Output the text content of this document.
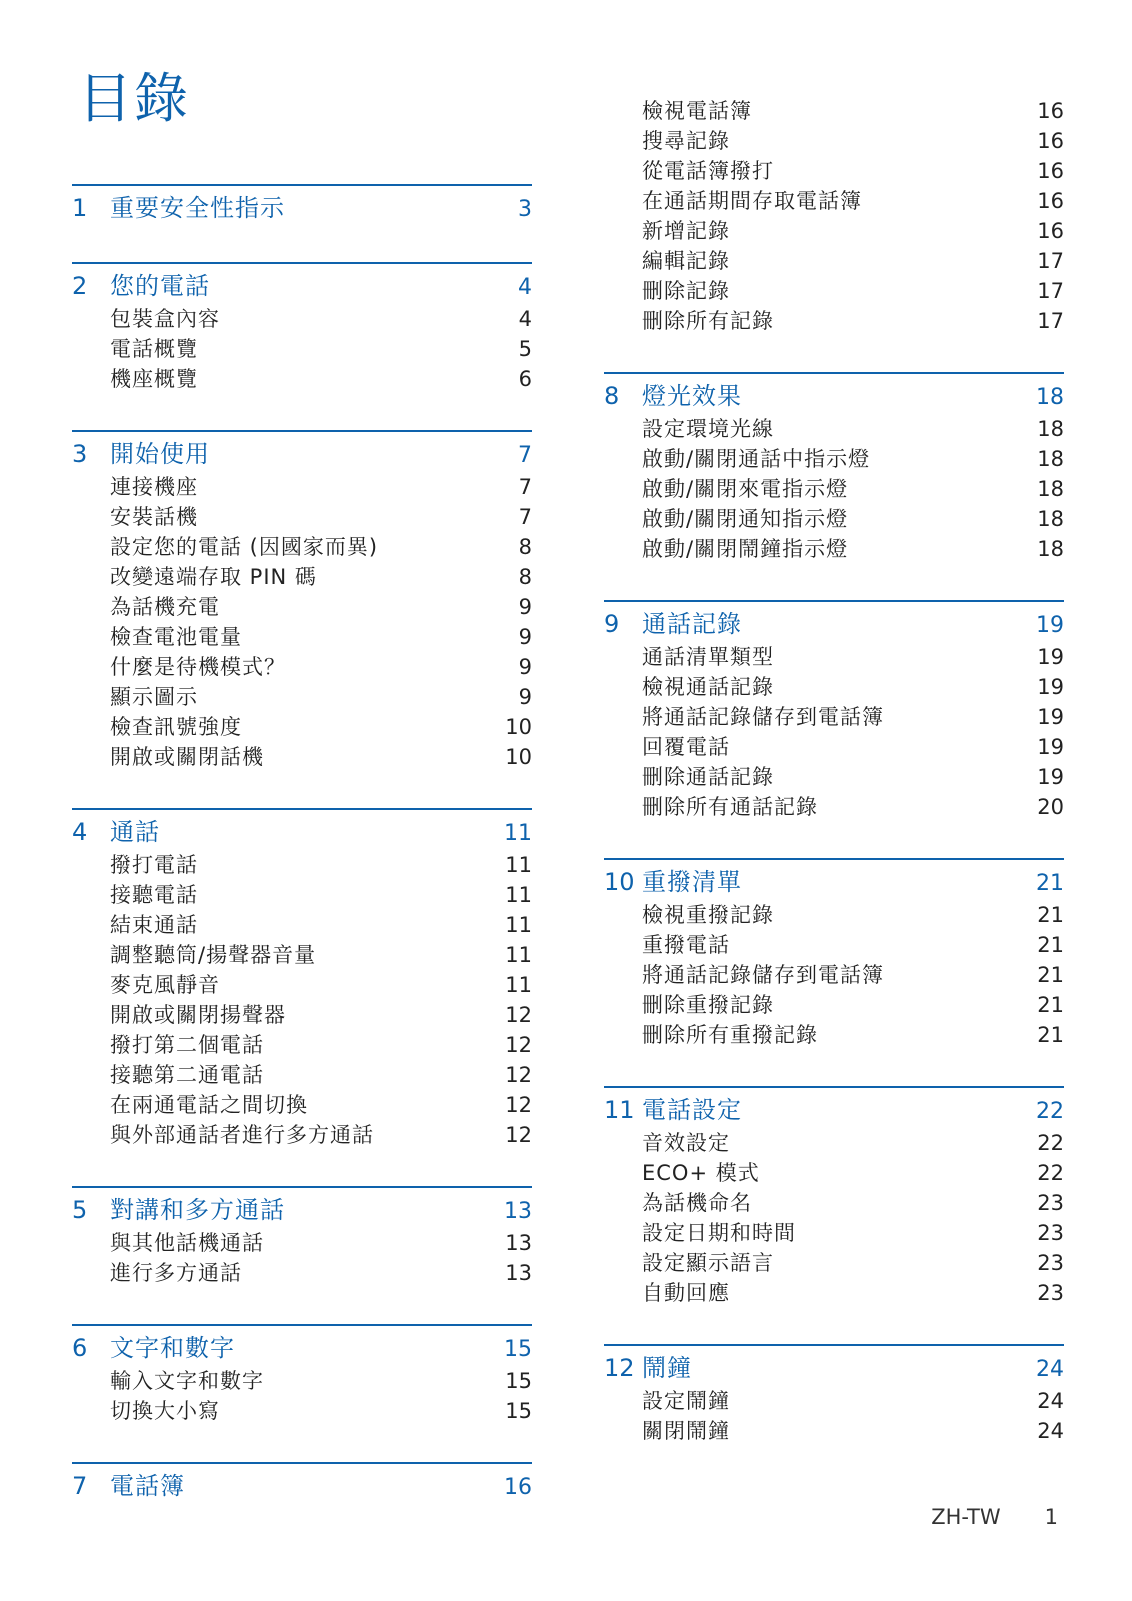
目錄
1 重要安全性指示	3
2 您的電話	4
包裝盒內容	4
電話概覽	5
機座概覽	6
3 開始使用	7
連接機座	7
安裝話機	7
設定您的電話 (因國家而異)	8
改變遠端存取 PIN 碼	8
為話機充電	9
檢查電池電量	9
什麼是待機模式？	9
顯示圖示	9
檢查訊號強度	10
開啟或關閉話機	10
4 通話	11
撥打電話	11
接聽電話	11
結束通話	11
調整聽筒/揚聲器音量	11
麥克風靜音	11
開啟或關閉揚聲器	12
撥打第二個電話	12
接聽第二通電話	12
在兩通電話之間切換	12
與外部通話者進行多方通話	12
5 對講和多方通話	13
與其他話機通話	13
進行多方通話	13
6 文字和數字	15
輸入文字和數字	15
切換大小寫	15
7 電話簿	16
檢視電話簿	16
搜尋記錄	16
從電話簿撥打	16
在通話期間存取電話簿	16
新增記錄	16
編輯記錄	17
刪除記錄	17
刪除所有記錄	17
8 燈光效果	18
設定環境光線	18
啟動/關閉通話中指示燈	18
啟動/關閉來電指示燈	18
啟動/關閉通知指示燈	18
啟動/關閉鬧鐘指示燈	18
9 通話記錄	19
通話清單類型	19
檢視通話記錄	19
將通話記錄儲存到電話簿	19
回覆電話	19
刪除通話記錄	19
刪除所有通話記錄	20
10 重撥清單	21
檢視重撥記錄	21
重撥電話	21
將通話記錄儲存到電話簿	21
刪除重撥記錄	21
刪除所有重撥記錄	21
11 電話設定	22
音效設定	22
ECO+ 模式	22
為話機命名	23
設定日期和時間	23
設定顯示語言	23
自動回應	23
12 鬧鐘	24
設定鬧鐘	24
關閉鬧鐘	24
ZH-TW 1
